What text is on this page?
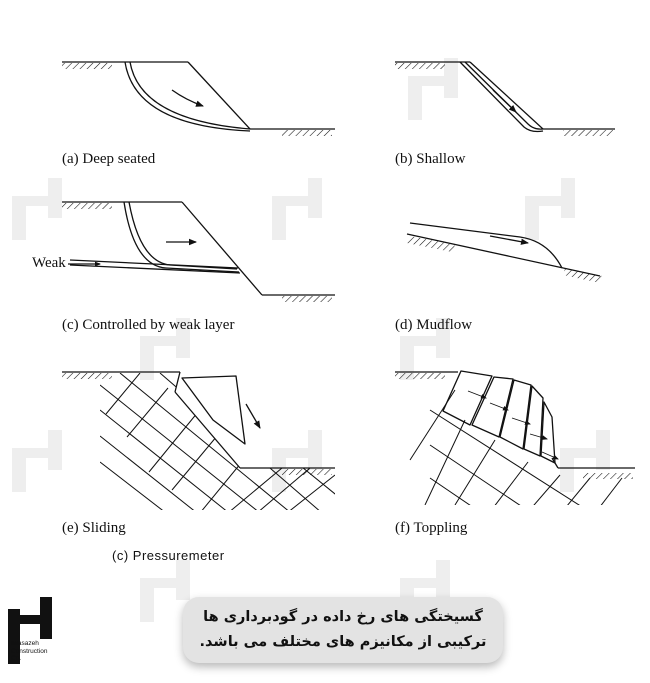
(a) Deep seated	(b) Shallow
(c) Controlled by weak layer	(d) Mudflow
(e) Sliding	(f) Toppling
Weak
(c) Pressuremeter
گسیختگی های رخ داده در گودبرداری ها
ترکیبی از مکانیزم های مختلف می باشد.
Istasazeh
Construction
Co.
